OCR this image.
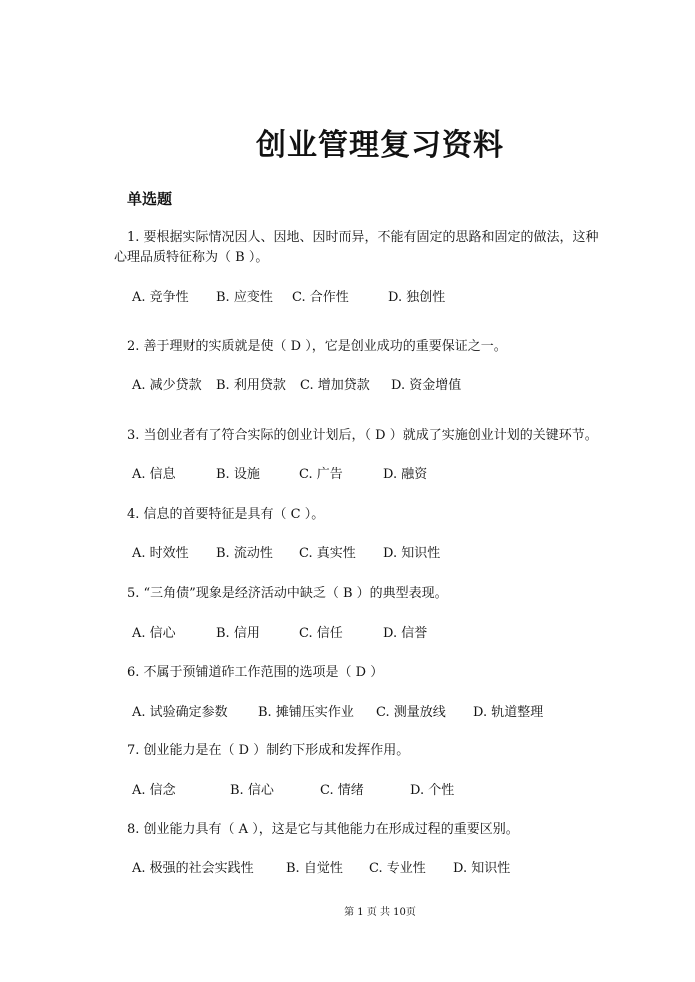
创业管理复习资料
单选题
1. 要根据实际情况因人、因地、因时而异，不能有固定的思路和固定的做法，这种
心理品质特征称为（ B ）。
A. 竞争性 B. 应变性 C. 合作性	D. 独创性
2. 善于理财的实质就是使（ D ），它是创业成功的重要保证之一。
A. 减少贷款 B. 利用贷款 C. 增加贷款 D. 资金增值
3. 当创业者有了符合实际的创业计划后，（ D ）就成了实施创业计划的关键环节。
A. 信息	B. 设施	C. 广告	D. 融资
4. 信息的首要特征是具有（ C ）。
A. 时效性 B. 流动性 C. 真实性 D. 知识性
5. “三角债”现象是经济活动中缺乏（ B ）的典型表现。
A. 信心	B. 信用	C. 信任	D. 信誉
6. 不属于预铺道砟工作范围的选项是（ D ）
A. 试验确定参数 B. 摊铺压实作业 C. 测量放线 D. 轨道整理
7. 创业能力是在（ D ）制约下形成和发挥作用。
A. 信念	B. 信心	C. 情绪	D. 个性
8. 创业能力具有（ A ），这是它与其他能力在形成过程的重要区别。
A. 极强的社会实践性 B. 自觉性 C. 专业性 D. 知识性
第 1 页 共 10页
